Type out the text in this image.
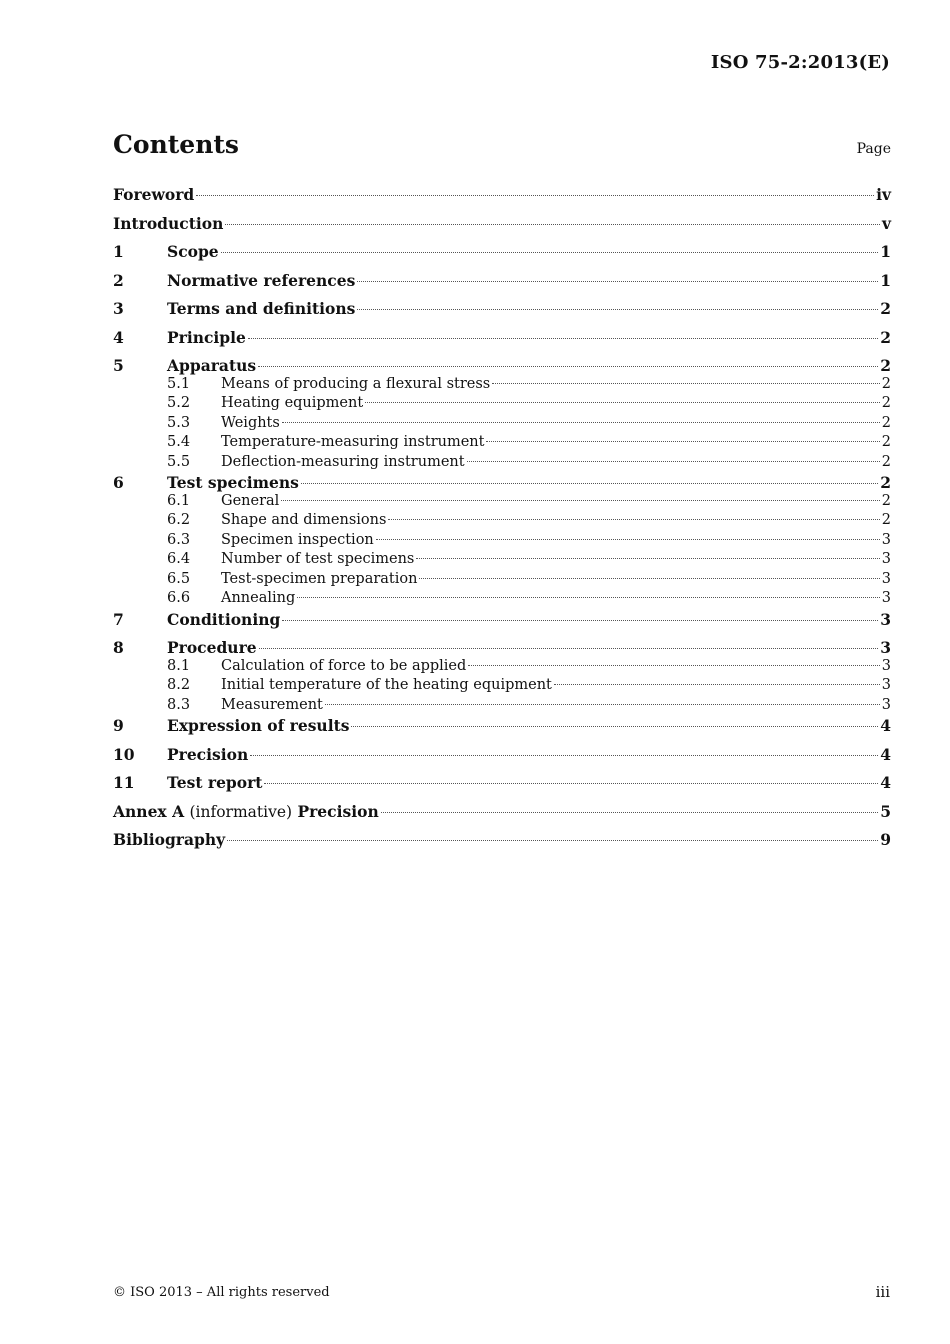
ISO 75-2:2013(E)
Contents	Page
Foreword	iv
Introduction	v
1	Scope	1
2	Normative references	1
3	Terms and definitions	2
4	Principle	2
5	Apparatus	2
5.1	Means of producing a flexural stress	2
5.2	Heating equipment	2
5.3	Weights	2
5.4	Temperature-measuring instrument	2
5.5	Deflection-measuring instrument	2
6	Test specimens	2
6.1	General	2
6.2	Shape and dimensions	2
6.3	Specimen inspection	3
6.4	Number of test specimens	3
6.5	Test-specimen preparation	3
6.6	Annealing	3
7	Conditioning	3
8	Procedure	3
8.1	Calculation of force to be applied	3
8.2	Initial temperature of the heating equipment	3
8.3	Measurement	3
9	Expression of results	4
10	Precision	4
11	Test report	4
Annex A (informative) Precision	5
Bibliography	9
© ISO 2013 – All rights reserved	iii
